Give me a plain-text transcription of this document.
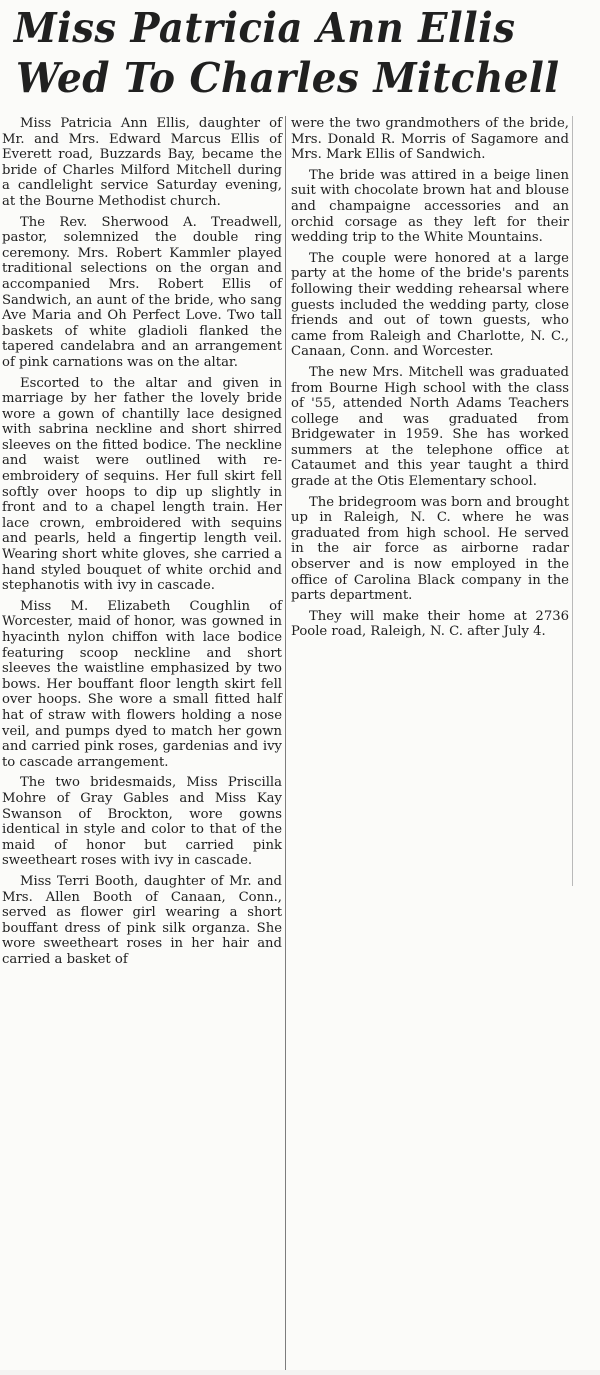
Miss Patricia Ann Ellis
Wed To Charles Mitchell

Miss Patricia Ann Ellis, daughter of Mr. and Mrs. Edward Marcus Ellis of Everett road, Buzzards Bay, became the bride of Charles Milford Mitchell during a candlelight service Saturday evening, at the Bourne Methodist church.

The Rev. Sherwood A. Treadwell, pastor, solemnized the double ring ceremony. Mrs. Robert Kammler played traditional selections on the organ and accompanied Mrs. Robert Ellis of Sandwich, an aunt of the bride, who sang Ave Maria and Oh Perfect Love. Two tall baskets of white gladioli flanked the tapered candelabra and an arrangement of pink carnations was on the altar.

Escorted to the altar and given in marriage by her father the lovely bride wore a gown of chantilly lace designed with sabrina neckline and short shirred sleeves on the fitted bodice. The neckline and waist were outlined with re-embroidery of sequins. Her full skirt fell softly over hoops to dip up slightly in front and to a chapel length train. Her lace crown, embroidered with sequins and pearls, held a fingertip length veil. Wearing short white gloves, she carried a hand styled bouquet of white orchid and stephanotis with ivy in cascade.

Miss M. Elizabeth Coughlin of Worcester, maid of honor, was gowned in hyacinth nylon chiffon with lace bodice featuring scoop neckline and short sleeves the waistline emphasized by two bows. Her bouffant floor length skirt fell over hoops. She wore a small fitted half hat of straw with flowers holding a nose veil, and pumps dyed to match her gown and carried pink roses, gardenias and ivy to cascade arrangement.

The two bridesmaids, Miss Priscilla Mohre of Gray Gables and Miss Kay Swanson of Brockton, wore gowns identical in style and color to that of the maid of honor but carried pink sweetheart roses with ivy in cascade.

Miss Terri Booth, daughter of Mr. and Mrs. Allen Booth of Canaan, Conn., served as flower girl wearing a short bouffant dress of pink silk organza. She wore sweetheart roses in her hair and carried a basket of

were the two grandmothers of the bride, Mrs. Donald R. Morris of Sagamore and Mrs. Mark Ellis of Sandwich.

The bride was attired in a beige linen suit with chocolate brown hat and blouse and champaigne accessories and an orchid corsage as they left for their wedding trip to the White Mountains.

The couple were honored at a large party at the home of the bride's parents following their wedding rehearsal where guests included the wedding party, close friends and out of town guests, who came from Raleigh and Charlotte, N. C., Canaan, Conn. and Worcester.

The new Mrs. Mitchell was graduated from Bourne High school with the class of '55, attended North Adams Teachers college and was graduated from Bridgewater in 1959. She has worked summers at the telephone office at Cataumet and this year taught a third grade at the Otis Elementary school.

The bridegroom was born and brought up in Raleigh, N. C. where he was graduated from high school. He served in the air force as airborne radar observer and is now employed in the office of Carolina Black company in the parts department.

They will make their home at 2736 Poole road, Raleigh, N. C. after July 4.
